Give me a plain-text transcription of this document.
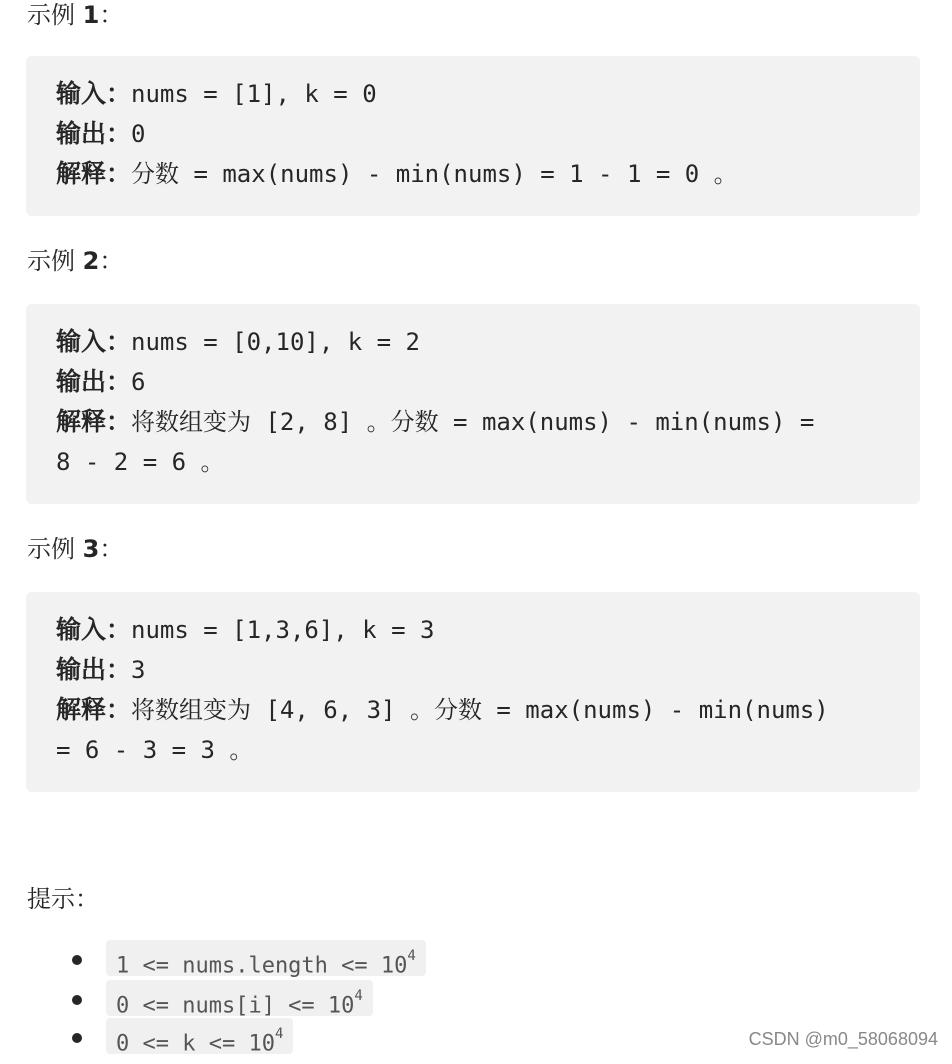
示例 1：
输入：nums = [1], k = 0
输出：0
解释：分数 = max(nums) - min(nums) = 1 - 1 = 0 。
示例 2：
输入：nums = [0,10], k = 2
输出：6
解释：将数组变为 [2, 8] 。分数 = max(nums) - min(nums) =
8 - 2 = 6 。
示例 3：
输入：nums = [1,3,6], k = 3
输出：3
解释：将数组变为 [4, 6, 3] 。分数 = max(nums) - min(nums)
= 6 - 3 = 3 。
提示：
1 <= nums.length <= $10^4$
0 <= nums[i] <= $10^4$
$0 <= k <= 10^4$	CSDN @m0_58068094
